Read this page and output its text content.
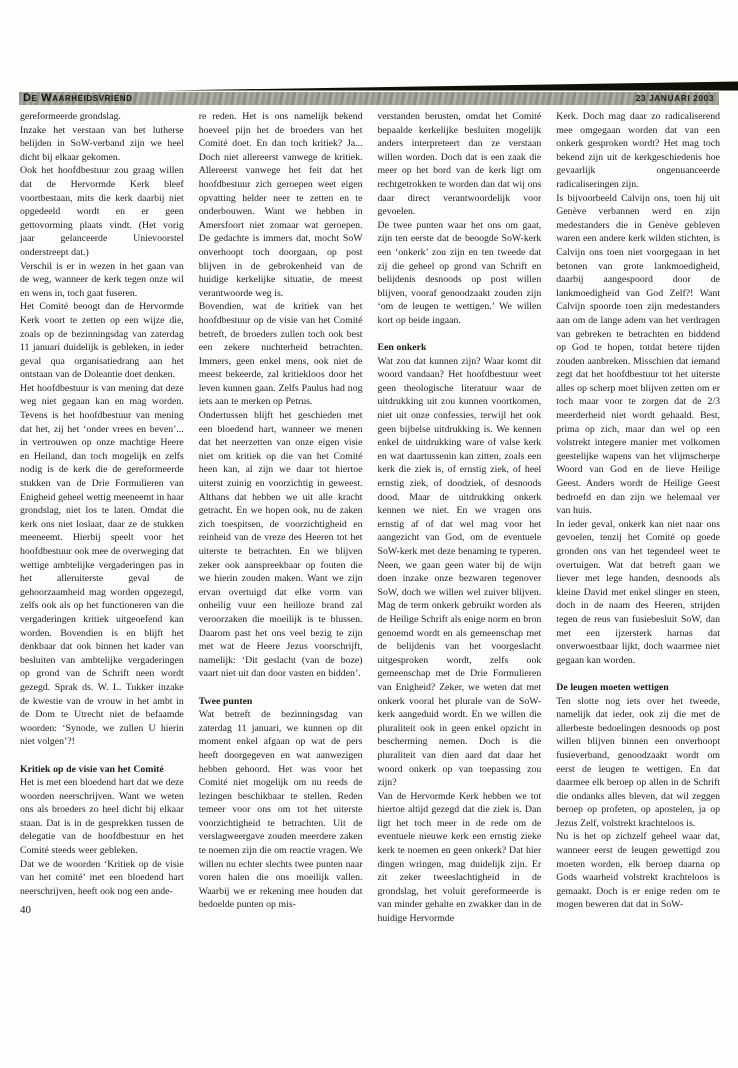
De Waarheidsvriend	23 JANUARI 2003

gereformeerde grondslag.

Inzake het verstaan van het lutherse belijden in SoW-verband zijn we heel dicht bij elkaar gekomen.

Ook het hoofdbestuur zou graag willen dat de Hervormde Kerk bleef voortbestaan, mits die kerk daarbij niet opgedeeld wordt en er geen gettovorming plaats vindt. (Het vorig jaar gelanceerde Unievoorstel onderstreept dat.)

Verschil is er in wezen in het gaan van de weg, wanneer de kerk tegen onze wil en wens in, toch gaat fuseren.

Het Comité beoogt dan de Hervormde Kerk voort te zetten op een wijze die, zoals op de bezinningsdag van zaterdag 11 januari duidelijk is gebleken, in ieder geval qua organisatiedrang aan het ontstaan van de Doleantie doet denken.

Het hoofdbestuur is van mening dat deze weg niet gegaan kan en mag worden. Tevens is het hoofdbestuur van mening dat het, zij het ‘onder vrees en beven’... in vertrouwen op onze machtige Heere en Heiland, dan toch mogelijk en zelfs nodig is de kerk die de gereformeerde stukken van de Drie Formulieren van Enigheid geheel wettig meeneemt in haar grondslag, niet los te laten. Omdat die kerk ons niet loslaat, daar ze de stukken meeneemt. Hierbij speelt voor het hoofdbestuur ook mee de overweging dat wettige ambtelijke vergaderingen pas in het alleruiterste geval de gehoorzaamheid mag worden opgezegd, zelfs ook als op het functioneren van die vergaderingen kritiek uitgeoefend kan worden. Bovendien is en blijft het denkbaar dat ook binnen het kader van besluiten van ambtelijke vergaderingen op grond van de Schrift neen wordt gezegd. Sprak ds. W. L. Tukker inzake de kwestie van de vrouw in het ambt in de Dom te Utrecht niet de befaamde woorden: ‘Synode, we zullen U hierin niet volgen’?!

Kritiek op de visie van het Comité

Het is met een bloedend hart dat we deze woorden neerschrijven. Want we weten ons als broeders zo heel dicht bij elkaar staan. Dat is in de gesprekken tussen de delegatie van de hoofdbestuur en het Comité steeds weer gebleken.

Dat we de woorden ‘Kritiek op de visie van het comité’ met een bloedend hart neerschrijven, heeft ook nog een ande-

40

re reden. Het is ons namelijk bekend hoeveel pijn het de broeders van het Comité doet. En dan toch kritiek? Ja... Doch niet allereerst vanwege de kritiek. Allereerst vanwege het feit dat het hoofdbestuur zich geroepen weet eigen opvatting helder neer te zetten en te onderbouwen. Want we hebben in Amersfoort niet zomaar wat geroepen. De gedachte is immers dat, mocht SoW onverhoopt toch doorgaan, op post blijven in de gebrokenheid van de huidige kerkelijke situatie, de meest verantwoorde weg is.

Bovendien, wat de kritiek van het hoofdbestuur op de visie van het Comité betreft, de broeders zullen toch ook best een zekere nuchterheid betrachten. Immers, geen enkel mens, ook niet de meest bekeerde, zal kritiekloos door het leven kunnen gaan. Zelfs Paulus had nog iets aan te merken op Petrus.

Ondertussen blijft het geschieden met een bloedend hart, wanneer we menen dat het neerzetten van onze eigen visie niet om kritiek op die van het Comité heen kan, al zijn we daar tot hiertoe uiterst zuinig en voorzichtig in geweest. Althans dat hebben we uit alle kracht getracht. En we hopen ook, nu de zaken zich toespitsen, de voorzichtigheid en reinheid van de vreze des Heeren tot het uiterste te betrachten. En we blijven zeker ook aanspreekbaar op fouten die we hierin zouden maken. Want we zijn ervan overtuigd dat elke vorm van onheilig vuur een heilloze brand zal veroorzaken die moeilijk is te blussen. Daarom past het ons veel bezig te zijn met wat de Heere Jezus voorschrijft, namelijk: ‘Dit geslacht (van de boze) vaart niet uit dan door vasten en bidden’.

Twee punten

Wat betreft de bezinningsdag van zaterdag 11 januari, we kunnen op dit moment enkel afgaan op wat de pers heeft doorgegeven en wat aanwezigen hebben gehoord. Het was voor het Comité niet mogelijk om nu reeds de lezingen beschikbaar te stellen. Reden temeer voor ons om tot het uiterste voorzichtigheid te betrachten. Uit de verslagweergave zouden meerdere zaken te noemen zijn die om reactie vragen. We willen nu echter slechts twee punten naar voren halen die ons moeilijk vallen. Waarbij we er rekening mee houden dat bedoelde punten op mis-

verstanden berusten, omdat het Comité bepaalde kerkelijke besluiten mogelijk anders interpreteert dan ze verstaan willen worden. Doch dat is een zaak die meer op het bord van de kerk ligt om rechtgetrokken te worden dan dat wij ons daar direct verantwoordelijk voor gevoelen.

De twee punten waar het ons om gaat, zijn ten eerste dat de beoogde SoW-kerk een ‘onkerk’ zou zijn en ten tweede dat zij die geheel op grond van Schrift en belijdenis desnoods op post willen blijven, vooraf genoodzaakt zouden zijn ‘om de leugen te wettigen.’ We willen kort op beide ingaan.

Een onkerk

Wat zou dat kunnen zijn? Waar komt dit woord vandaan? Het hoofdbestuur weet geen theologische literatuur waar de uitdrukking uit zou kunnen voortkomen, niet uit onze confessies, terwijl het ook geen bijbelse uitdrukking is. We kennen enkel de uitdrukking ware of valse kerk en wat daartussenin kan zitten, zoals een kerk die ziek is, of ernstig ziek, of heel ernstig ziek, of doodziek, of desnoods dood. Maar de uitdrukking onkerk kennen we niet. En we vragen ons ernstig af of dat wel mag voor het aangezicht van God, om de eventuele SoW-kerk met deze benaming te typeren. Neen, we gaan geen water bij de wijn doen inzake onze bezwaren tegenover SoW, doch we willen wel zuiver blijven. Mag de term onkerk gebruikt worden als de Heilige Schrift als enige norm en bron genoemd wordt en als gemeenschap met de belijdenis van het voorgeslacht uitgesproken wordt, zelfs ook gemeenschap met de Drie Formulieren van Enigheid? Zeker, we weten dat met onkerk vooral het plurale van de SoW-kerk aangeduid wordt. En we willen die pluraliteit ook in geen enkel opzicht in bescherming nemen. Doch is die pluraliteit van dien aard dat daar het woord onkerk op van toepassing zou zijn?

Van de Hervormde Kerk hebben we tot hiertoe altijd gezegd dat die ziek is. Dan ligt het toch meer in de rede om de eventuele nieuwe kerk een ernstig zieke kerk te noemen en geen onkerk? Dat hier dingen wringen, mag duidelijk zijn. Er zit zeker tweeslachtigheid in de grondslag, het voluit gereformeerde is van minder gehalte en zwakker dan in de huidige Hervormde

Kerk. Doch mag daar zo radicaliserend mee omgegaan worden dat van een onkerk gesproken wordt? Het mag toch bekend zijn uit de kerkgeschiedenis hoe gevaarlijk ongenuanceerde radicaliseringen zijn.

Is bijvoorbeeld Calvijn ons, toen hij uit Genève verbannen werd en zijn medestanders die in Genève gebleven waren een andere kerk wilden stichten, is Calvijn ons toen niet voorgegaan in het betonen van grote lankmoedigheid, daarbij aangespoord door de lankmoedigheid van God Zelf?! Want Calvijn spoorde toen zijn medestanders aan om de lange adem van het verdragen van gebreken te betrachten en biddend op God te hopen, totdat betere tijden zouden aanbreken. Misschien dat iemand zegt dat het hoofdbestuur tot het uiterste alles op scherp moet blijven zetten om er toch maar voor te zorgen dat de 2/3 meerderheid niet wordt gehaald. Best, prima op zich, maar dan wel op een volstrekt integere manier met volkomen geestelijke wapens van het vlijmscherpe Woord van God en de lieve Heilige Geest. Anders wordt de Heilige Geest bedroefd en dan zijn we helemaal ver van huis.

In ieder geval, onkerk kan niet naar ons gevoelen, tenzij het Comité op goede gronden ons van het tegendeel weet te overtuigen. Wat dat betreft gaan we liever met lege handen, desnoods als kleine David met enkel slinger en steen, doch in de naam des Heeren, strijden tegen de reus van fusiebesluit SoW, dan met een ijzersterk harnas dat onverwoestbaar lijkt, doch waarmee niet gegaan kan worden.

De leugen moeten wettigen

Ten slotte nog iets over het tweede, namelijk dat ieder, ook zij die met de allerbeste bedoelingen desnoods op post willen blijven binnen een onverhoopt fusieverband, genoodzaakt wordt om eerst de leugen te wettigen. En dat daarmee elk beroep op allen in de Schrift die ondanks alles bleven, dat wil zeggen beroep op profeten, op apostelen, ja op Jezus Zelf, volstrekt krachteloos is.

Nu is het op zichzelf geheel waar dat, wanneer eerst de leugen gewettigd zou moeten worden, elk beroep daarna op Gods waarheid volstrekt krachteloos is gemaakt. Doch is er enige reden om te mogen beweren dat dat in SoW-
